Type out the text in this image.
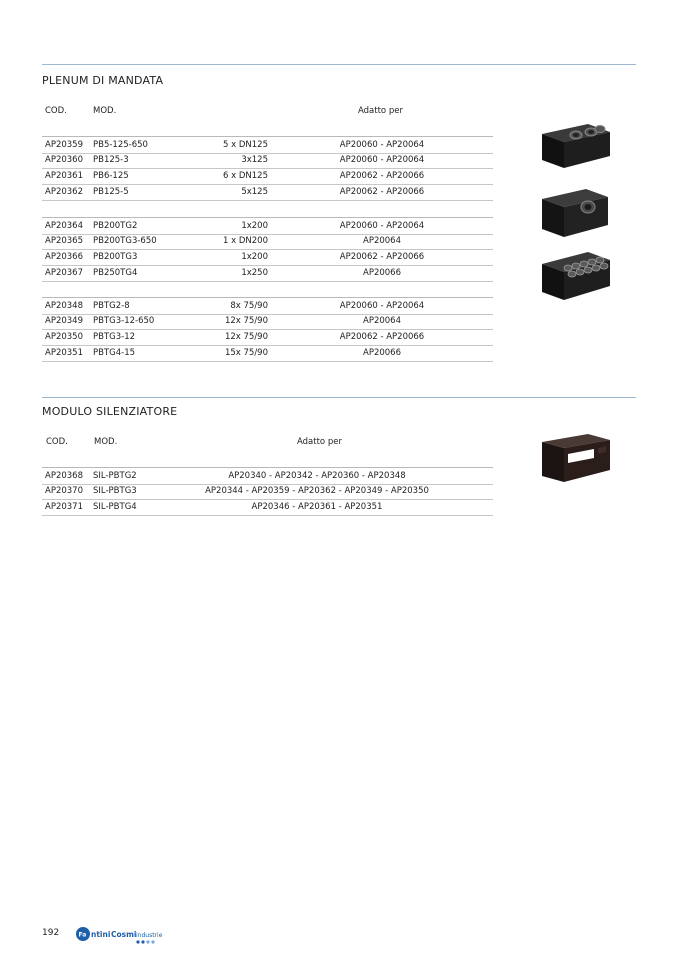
PLENUM DI MANDATA
COD.	MOD.	Adatto per
AP20359 PB5-125-650	5 x DN125	AP20060 - AP20064
AP20360 PB125-3	3x125	AP20060 - AP20064
AP20361 PB6-125	6 x DN125	AP20062 - AP20066
AP20362 PB125-5	5x125	AP20062 - AP20066
AP20364 PB200TG2	1x200	AP20060 - AP20064
AP20365 PB200TG3-650	1 x DN200	AP20064
AP20366 PB200TG3	1x200	AP20062 - AP20066
AP20367 PB250TG4	1x250	AP20066
AP20348 PBTG2-8	8x 75/90	AP20060 - AP20064
AP20349 PBTG3-12-650	12x 75/90	AP20064
AP20350 PBTG3-12	12x 75/90	AP20062 - AP20066
AP20351 PBTG4-15	15x 75/90	AP20066
MODULO SILENZIATORE
COD.	MOD.	Adatto per
AP20368 SIL-PBTG2	AP20340 - AP20342 - AP20360 - AP20348
AP20370 SIL-PBTG3	AP20344 - AP20359 - AP20362 - AP20349 - AP20350
AP20371 SIL-PBTG4	AP20346 - AP20361 - AP20351
192	Fa ntini Cosmi industrie
